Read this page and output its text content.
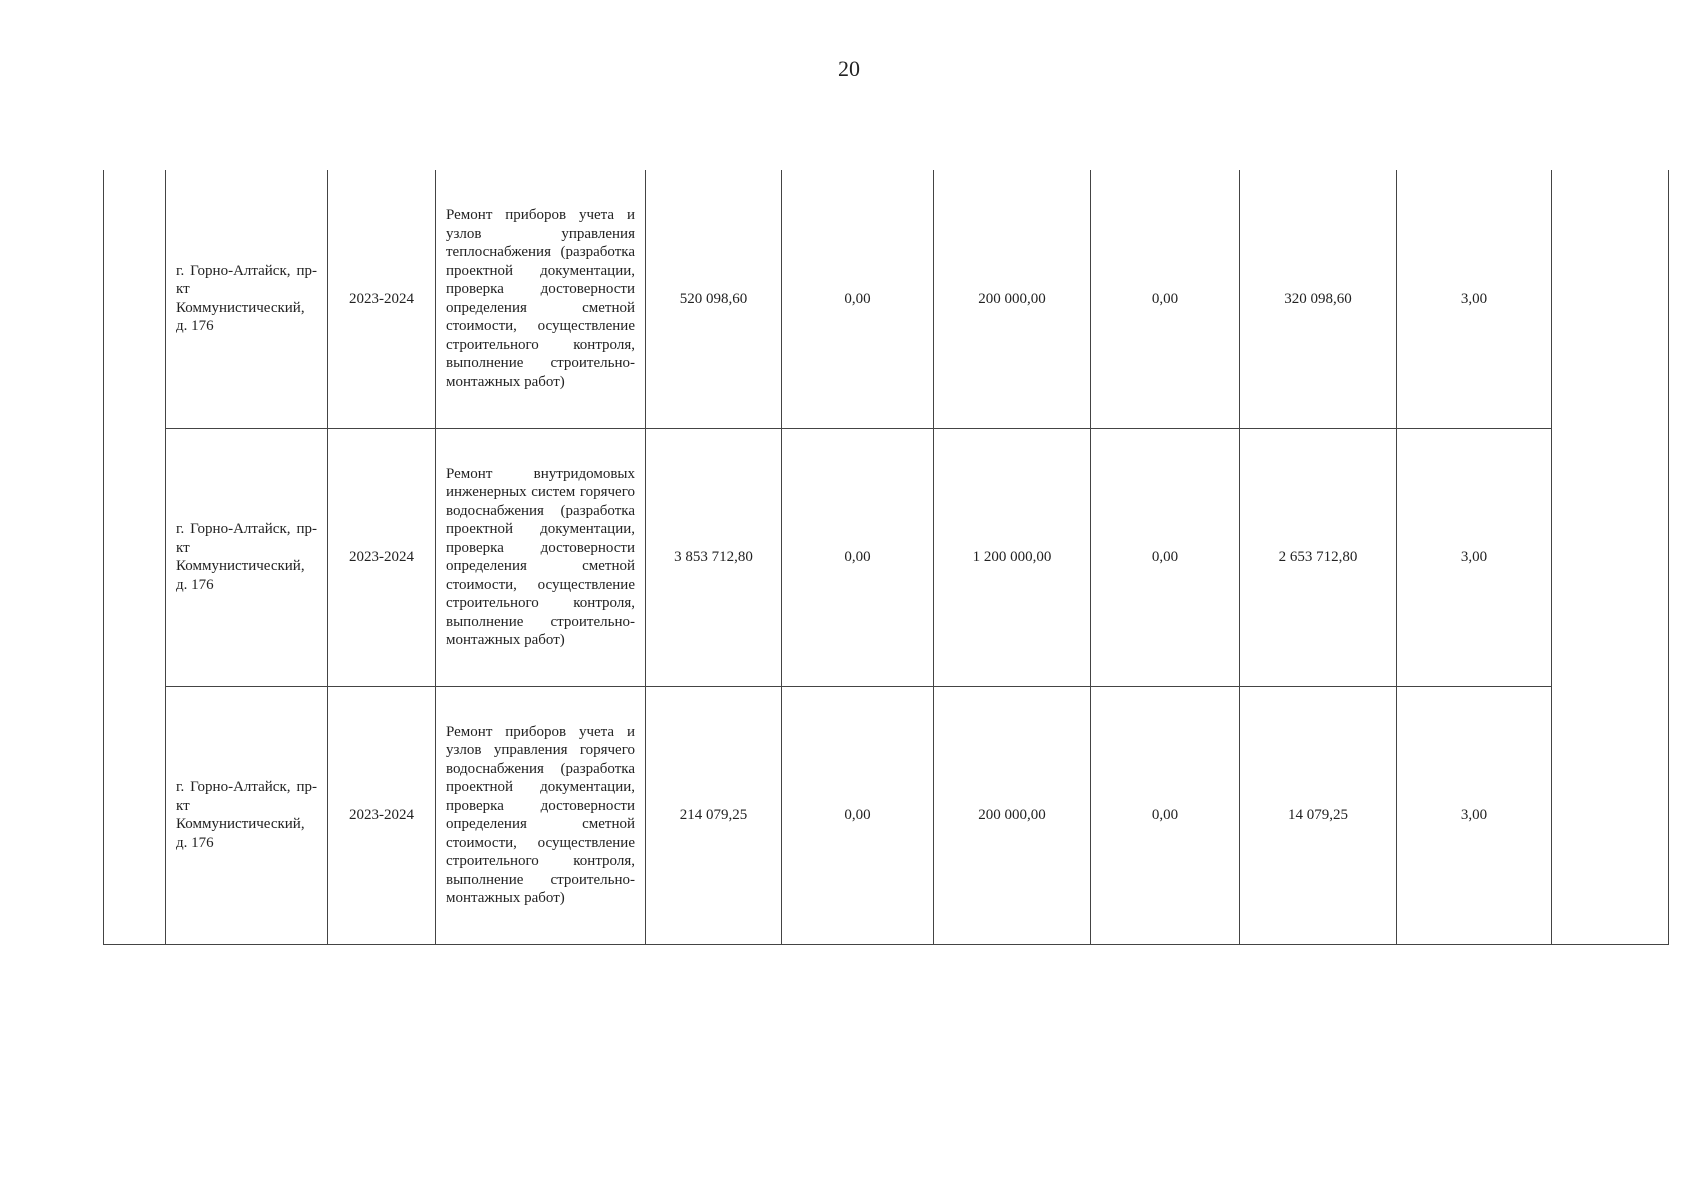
20
	г. Горно-Алтайск, пр-кт Коммунистический, д. 176	2023-2024	Ремонт приборов учета и узлов управления теплоснабжения (разработка проектной документации, проверка достоверности определения сметной стоимости, осуществление строительного контроля, выполнение строительно-монтажных работ)	520 098,60	0,00	200 000,00	0,00	320 098,60	3,00	
	г. Горно-Алтайск, пр-кт Коммунистический, д. 176	2023-2024	Ремонт внутридомовых инженерных систем горячего водоснабжения (разработка проектной документации, проверка достоверности определения сметной стоимости, осуществление строительного контроля, выполнение строительно-монтажных работ)	3 853 712,80	0,00	1 200 000,00	0,00	2 653 712,80	3,00	
	г. Горно-Алтайск, пр-кт Коммунистический, д. 176	2023-2024	Ремонт приборов учета и узлов управления горячего водоснабжения (разработка проектной документации, проверка достоверности определения сметной стоимости, осуществление строительного контроля, выполнение строительно-монтажных работ)	214 079,25	0,00	200 000,00	0,00	14 079,25	3,00	
